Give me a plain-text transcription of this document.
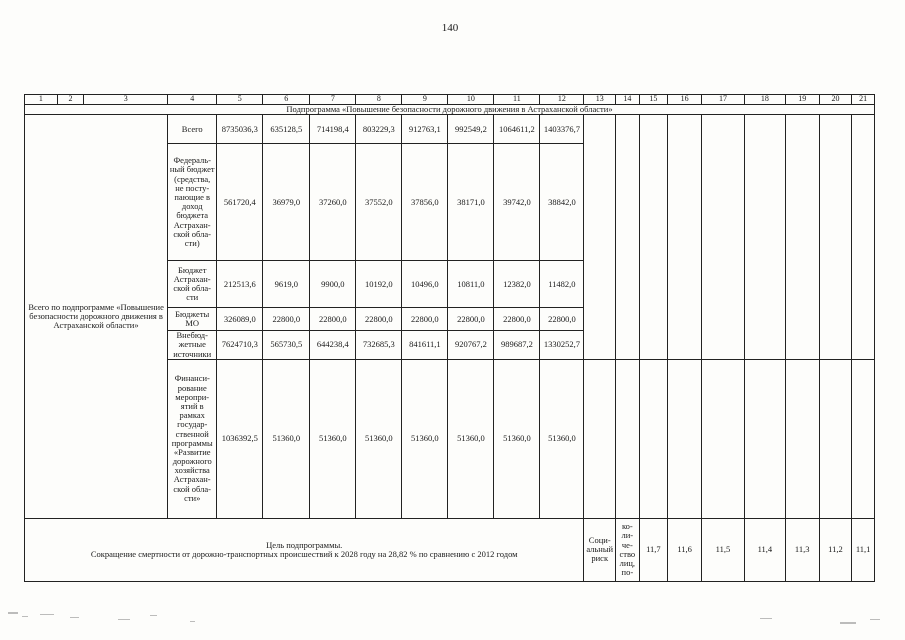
140
1	2	3	4	5	6	7	8	9	10	11	12	13	14	15	16	17	18	19	20	21
Подпрограмма «Повышение безопасности дорожного движения в Астраханской области»																				
Всего по подпрограмме «Повышение безопасности дорожного движения в Астраханской области»			Всего	8735036,3	635128,5	714198,4	803229,3	912763,1	992549,2	1064611,2	1403376,7									
			Федераль-ный бюджет (средства, не посту-пающие в доход бюджета Астрахан-ской обла-сти)	561720,4	36979,0	37260,0	37552,0	37856,0	38171,0	39742,0	38842,0									
			Бюджет Астрахан-ской обла-сти	212513,6	9619,0	9900,0	10192,0	10496,0	10811,0	12382,0	11482,0									
			Бюджеты МО	326089,0	22800,0	22800,0	22800,0	22800,0	22800,0	22800,0	22800,0									
			Внебюд-жетные источники	7624710,3	565730,5	644238,4	732685,3	841611,1	920767,2	989687,2	1330252,7									
			Финанси-рование меропри-ятий в рамках государ-ственной программы «Развитие дорожного хозяйства Астрахан-ской обла-сти»	1036392,5	51360,0	51360,0	51360,0	51360,0	51360,0	51360,0	51360,0									

Цель подпрограммы.
Сокращение смертности от дорожно-транспортных происшествий к 2028 году на 28,82 % по сравнению с 2012 годом												Соци-альный риск	ко-ли-че-ство лиц, по-	11,7	11,6	11,5	11,4	11,3	11,2	11,1
